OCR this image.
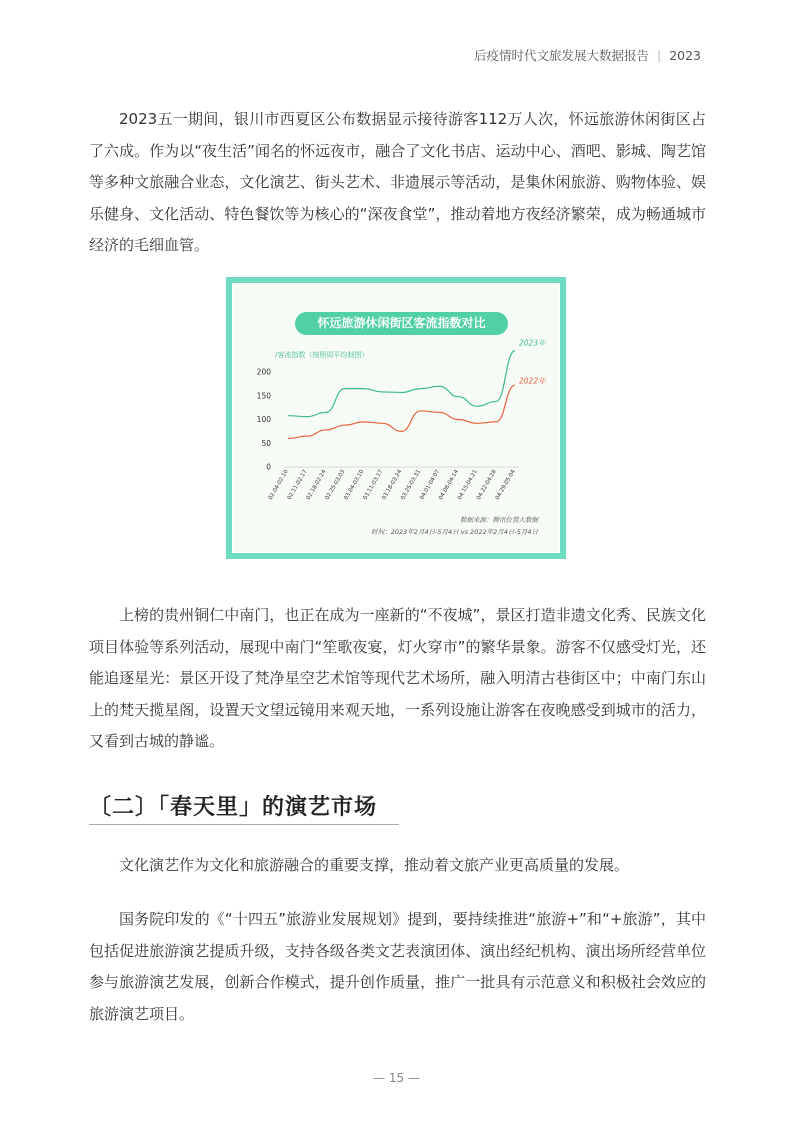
后疫情时代文旅发展大数据报告 | 2023

2023五一期间，银川市西夏区公布数据显示接待游客112万人次，怀远旅游休闲街区占了六成。作为以“夜生活”闻名的怀远夜市，融合了文化书店、运动中心、酒吧、影城、陶艺馆等多种文旅融合业态，文化演艺、街头艺术、非遗展示等活动，是集休闲旅游、购物体验、娱乐健身、文化活动、特色餐饮等为核心的“深夜食堂”，推动着地方夜经济繁荣，成为畅通城市经济的毛细血管。

怀远旅游休闲街区客流指数对比
/客流指数（按照周平均制图）
0
50
100
150
200
02.04-02.10
02.11-02.17
02.18-02.24
02.25-03.03
03.04-03.10
03.11-03.17
03.18-03.24
03.25-03.31
04.01-04.07
04.08-04.14
04.15-04.21
04.22-04.28
04.29-05.04
2023年
2022年
数据来源：腾讯位置大数据
时间：2023年2月4日-5月4日 vs 2022年2月4日-5月4日

上榜的贵州铜仁中南门，也正在成为一座新的“不夜城”，景区打造非遗文化秀、民族文化项目体验等系列活动，展现中南门“笙歌夜宴，灯火穿市”的繁华景象。游客不仅感受灯光，还能追逐星光：景区开设了梵净星空艺术馆等现代艺术场所，融入明清古巷街区中；中南门东山上的梵天揽星阁，设置天文望远镜用来观天地，一系列设施让游客在夜晚感受到城市的活力，又看到古城的静谧。

〔二〕「春天里」的演艺市场

文化演艺作为文化和旅游融合的重要支撑，推动着文旅产业更高质量的发展。

国务院印发的《“十四五”旅游业发展规划》提到，要持续推进“旅游+”和“+旅游”，其中包括促进旅游演艺提质升级，支持各级各类文艺表演团体、演出经纪机构、演出场所经营单位参与旅游演艺发展，创新合作模式，提升创作质量，推广一批具有示范意义和积极社会效应的旅游演艺项目。

— 15 —
